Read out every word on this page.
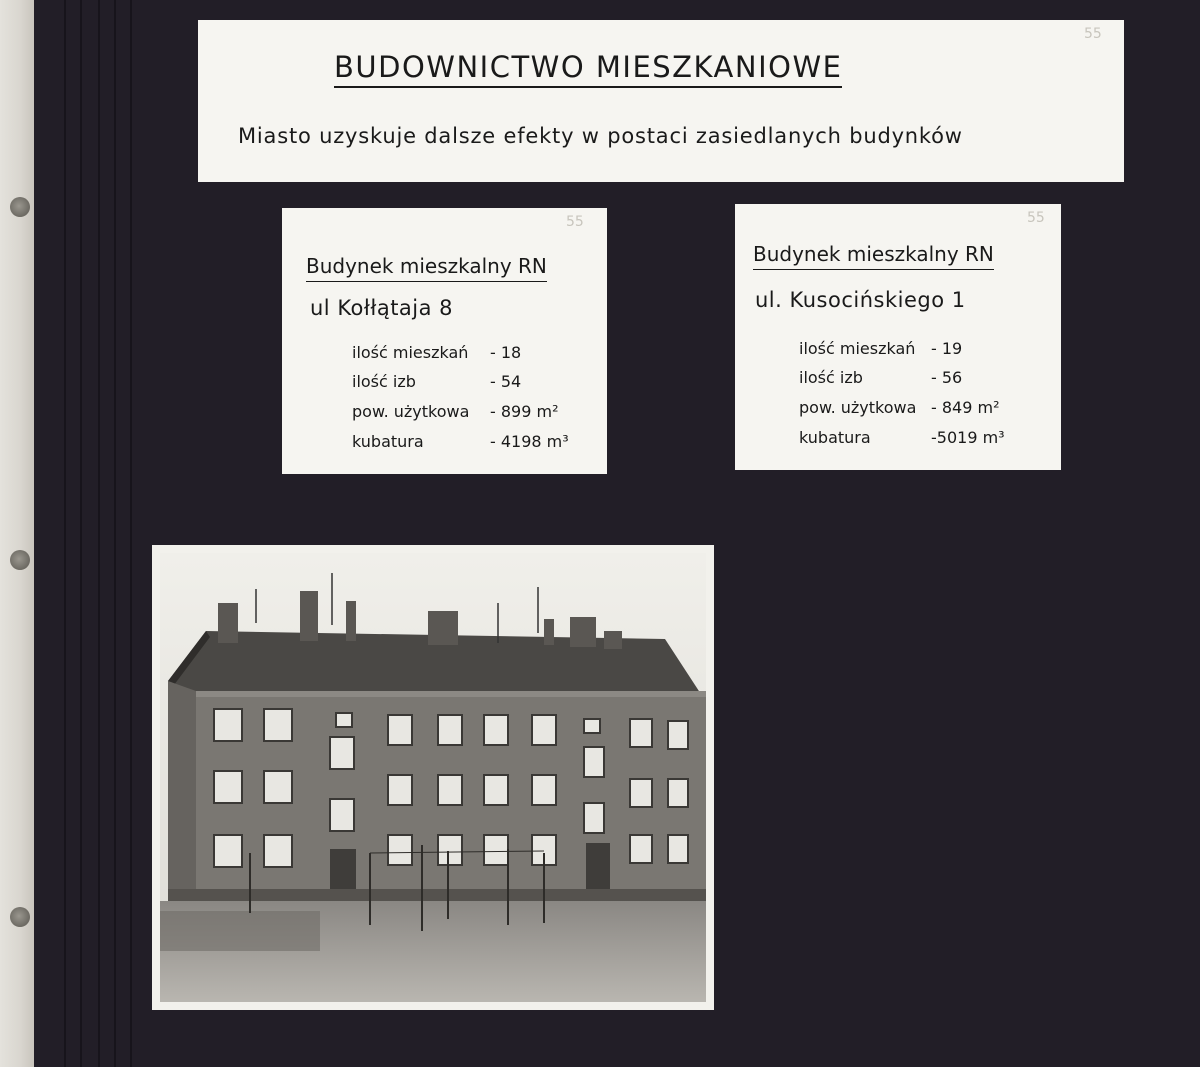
BUDOWNICTWO MIESZKANIOWE
Miasto uzyskuje dalsze efekty w postaci zasiedlanych budynków
55
55
Budynek mieszkalny RN
ul Kołłątaja 8
ilość mieszkań - 18
ilość izb	- 54
pow. użytkowa - 899 m²
kubatura	- 4198 m³
55
Budynek mieszkalny RN
ul. Kusocińskiego 1
ilość mieszkań - 19
ilość izb	- 56
pow. użytkowa - 849 m²
kubatura	-5019 m³
